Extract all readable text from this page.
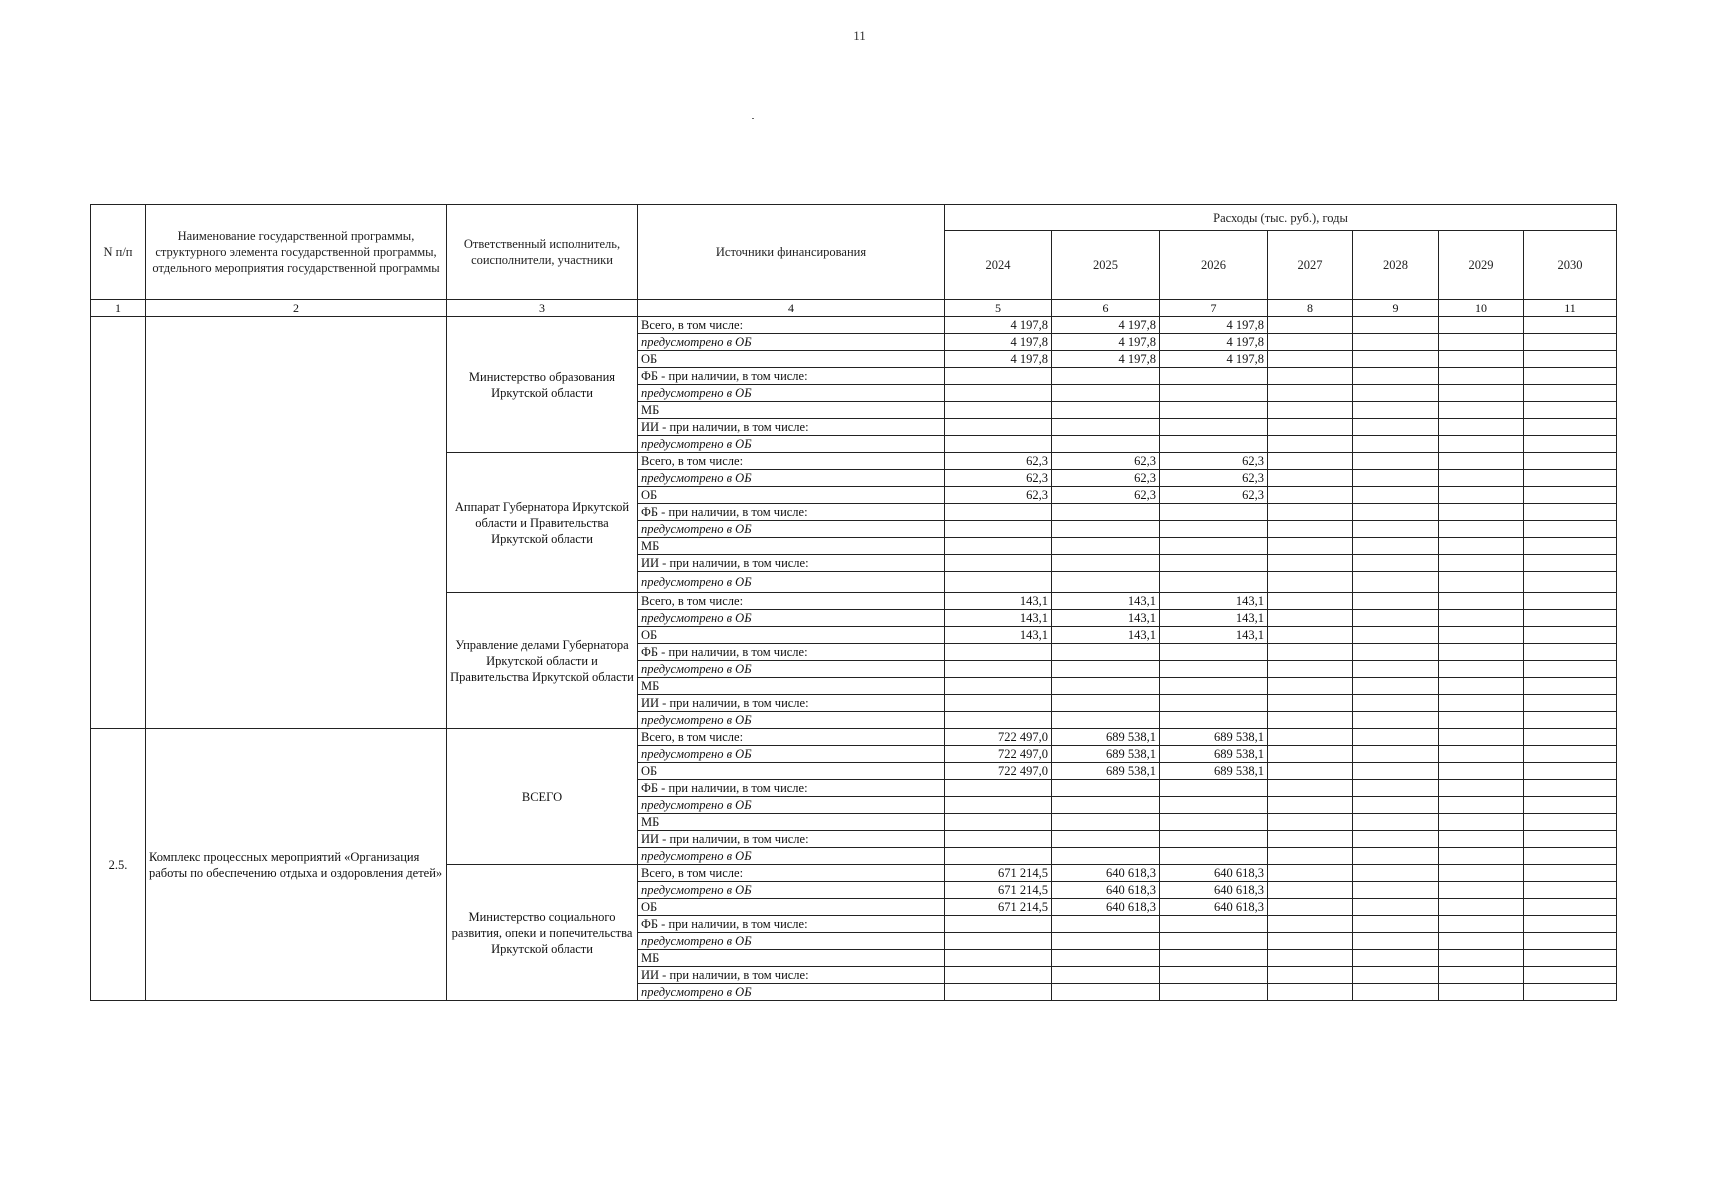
11
N п/п	Наименование государственной программы, структурного элемента государственной программы, отдельного мероприятия государственной программы	Ответственный исполнитель, соисполнители, участники	Источники финансирования	Расходы (тыс. руб.), годы						
				2024	2025	2026	2027	2028	2029	2030
1	2	3	4	5	6	7	8	9	10	11
		Министерство образования Иркутской области	Всего, в том числе:	4 197,8	4 197,8	4 197,8				
			предусмотрено в ОБ	4 197,8	4 197,8	4 197,8				
			ОБ	4 197,8	4 197,8	4 197,8				
			ФБ - при наличии, в том числе:							
			предусмотрено в ОБ							
			МБ							
			ИИ - при наличии, в том числе:							
			предусмотрено в ОБ							
		Аппарат Губернатора Иркутской области и Правительства Иркутской области	Всего, в том числе:	62,3	62,3	62,3				
			предусмотрено в ОБ	62,3	62,3	62,3				
			ОБ	62,3	62,3	62,3				
			ФБ - при наличии, в том числе:							
			предусмотрено в ОБ							
			МБ							
			ИИ - при наличии, в том числе:							
			предусмотрено в ОБ							
		Управление делами Губернатора Иркутской области и Правительства Иркутской области	Всего, в том числе:	143,1	143,1	143,1				
			предусмотрено в ОБ	143,1	143,1	143,1				
			ОБ	143,1	143,1	143,1				
			ФБ - при наличии, в том числе:							
			предусмотрено в ОБ							
			МБ							
			ИИ - при наличии, в том числе:							
			предусмотрено в ОБ							
2.5.	Комплекс процессных мероприятий «Организация работы по обеспечению отдыха и оздоровления детей»	ВСЕГО	Всего, в том числе:	722 497,0	689 538,1	689 538,1				
			предусмотрено в ОБ	722 497,0	689 538,1	689 538,1				
			ОБ	722 497,0	689 538,1	689 538,1				
			ФБ - при наличии, в том числе:							
			предусмотрено в ОБ							
			МБ							
			ИИ - при наличии, в том числе:							
			предусмотрено в ОБ							
		Министерство социального развития, опеки и попечительства Иркутской области	Всего, в том числе:	671 214,5	640 618,3	640 618,3				
			предусмотрено в ОБ	671 214,5	640 618,3	640 618,3				
			ОБ	671 214,5	640 618,3	640 618,3				
			ФБ - при наличии, в том числе:							
			предусмотрено в ОБ							
			МБ							
			ИИ - при наличии, в том числе:							
			предусмотрено в ОБ							
